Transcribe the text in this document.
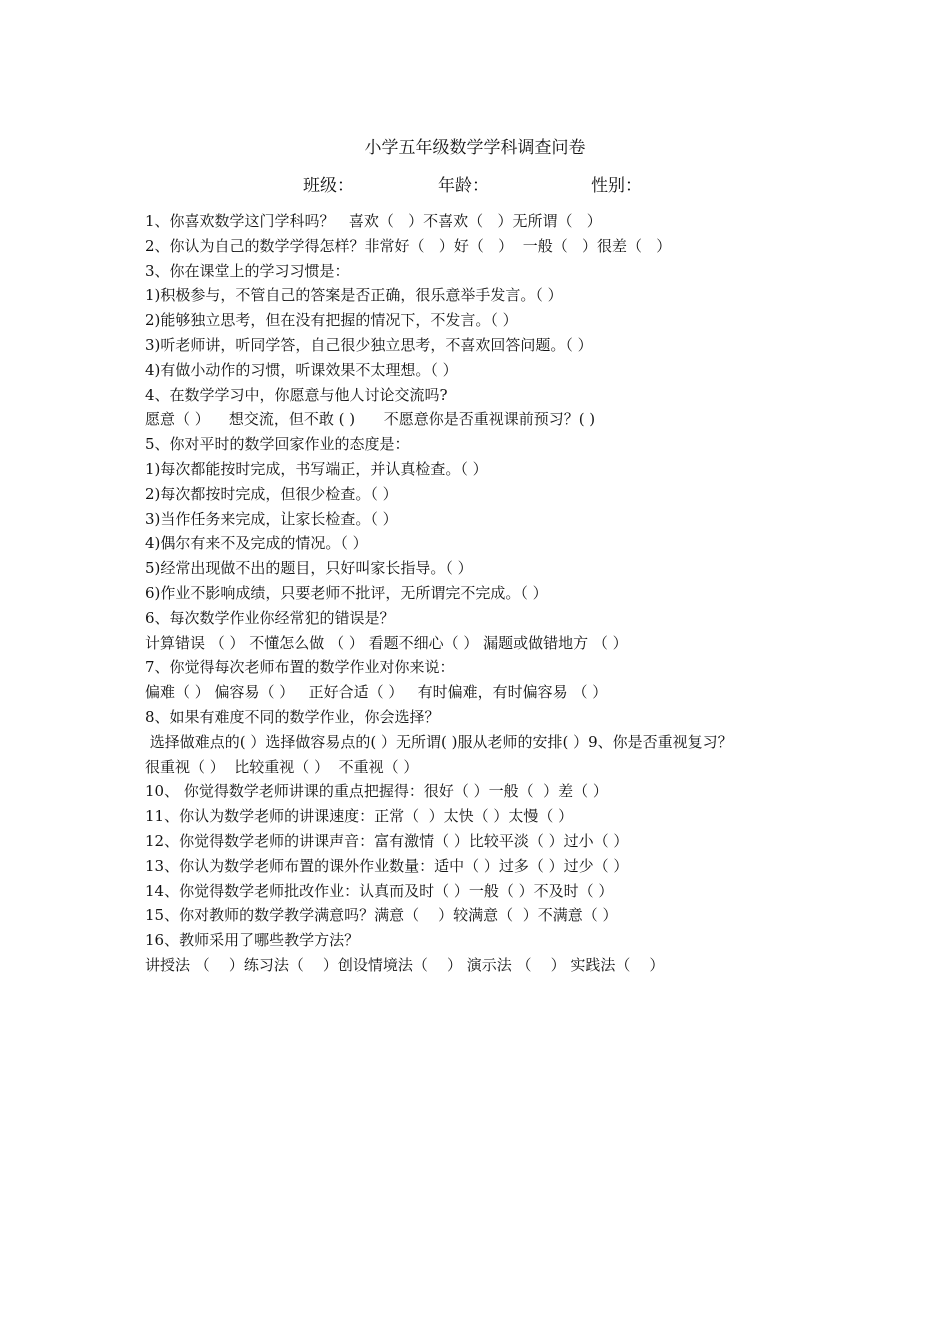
小学五年级数学学科调查问卷
班级：	年龄：	性别：
1、你喜欢数学这门学科吗？   喜欢（   ）不喜欢（   ）无所谓（   ）
2、你认为自己的数学学得怎样？非常好（   ）好（   ）  一般（   ）很差（   ）
3、你在课堂上的学习习惯是：
1)积极参与，不管自己的答案是否正确，很乐意举手发言。（ ）
2)能够独立思考，但在没有把握的情况下，不发言。（ ）
3)听老师讲，听同学答，自己很少独立思考，不喜欢回答问题。（ ）
4)有做小动作的习惯，听课效果不太理想。（ ）
4、在数学学习中，你愿意与他人讨论交流吗?
愿意（ ）    想交流，但不敢 ( )      不愿意你是否重视课前预习？( )
5、你对平时的数学回家作业的态度是：
1)每次都能按时完成，书写端正，并认真检查。（ ）
2)每次都按时完成，但很少检查。（ ）
3)当作任务来完成，让家长检查。（ ）
4)偶尔有来不及完成的情况。（ ）
5)经常出现做不出的题目，只好叫家长指导。（ ）
6)作业不影响成绩，只要老师不批评，无所谓完不完成。（ ）
6、每次数学作业你经常犯的错误是？
计算错误 （ ） 不懂怎么做 （ ） 看题不细心（ ） 漏题或做错地方 （ ）
7、你觉得每次老师布置的数学作业对你来说：
偏难（ ） 偏容易（ ）   正好合适（ ）   有时偏难，有时偏容易 （ ）
8、如果有难度不同的数学作业，你会选择？
选择做难点的( ）选择做容易点的( ）无所谓( )服从老师的安排( ）9、你是否重视复习？
很重视（ ）  比较重视（ ）  不重视（ ）
10、 你觉得数学老师讲课的重点把握得：很好（ ）一般（  ）差（ ）
11、你认为数学老师的讲课速度：正常（  ）太快（ ）太慢（ ）
12、你觉得数学老师的讲课声音：富有激情（ ）比较平淡（ ）过小（ ）
13、你认为数学老师布置的课外作业数量：适中（ ）过多（ ）过少（ ）
14、你觉得数学老师批改作业：认真而及时（ ）一般（ ）不及时（ ）
15、你对教师的数学教学满意吗？满意（    ）较满意（  ）不满意（ ）
16、教师采用了哪些教学方法？
讲授法 （    ）练习法（    ）创设情境法（    ） 演示法 （    ） 实践法（    ）
